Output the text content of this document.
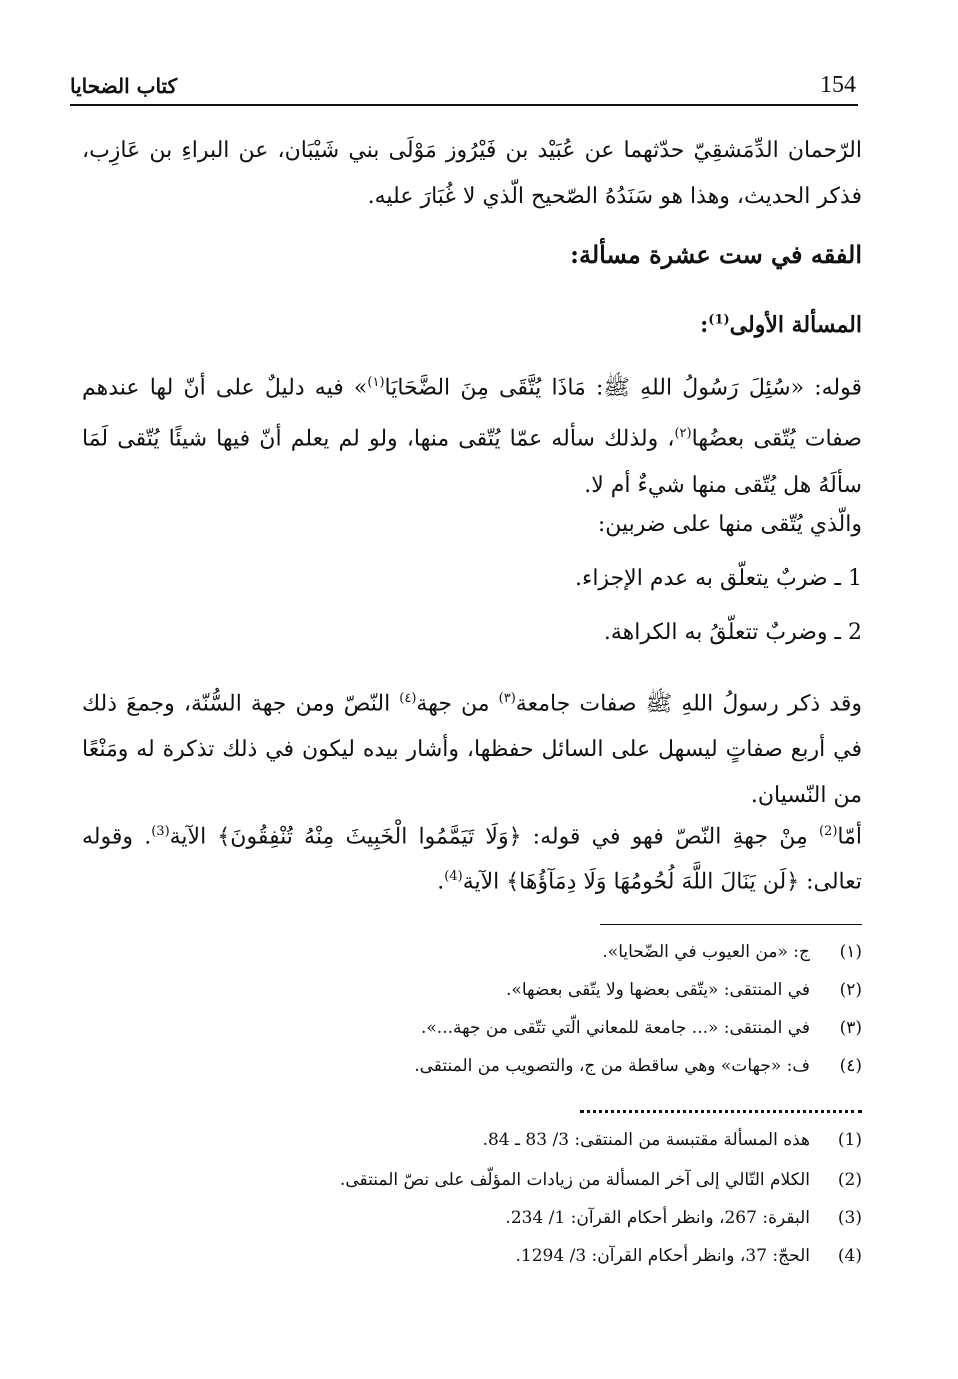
154
كتاب الضحايا

الرّحمان الدِّمَشقِيّ حدّثهما عن عُبَيْد بن فَيْرُوز مَوْلَى بني شَيْبَان، عن البراءِ بن عَازِب، فذكر الحديث، وهذا هو سَنَدُهُ الصّحيح الّذي لا غُبَارَ عليه.

الفقه في ست عشرة مسألة:
المسألة الأولى$^{(1)}$:

قوله: «سُئِلَ رَسُولُ اللهِ ﷺ: مَاذَا يُتَّقَى مِنَ الضَّحَايَا$^{(١)}$» فيه دليلٌ على أنّ لها عندهم صفات يُتّقى بعضُها$^{(٢)}$، ولذلك سأله عمّا يُتّقى منها، ولو لم يعلم أنّ فيها شيئًا يُتّقى لَمَا سألَهُ هل يُتّقى منها شيءٌ أم لا.

والّذي يُتّقى منها على ضربين:
1 ـ ضربٌ يتعلّق به عدم الإجزاء.
2 ـ وضربٌ تتعلّقُ به الكراهة.

وقد ذكر رسولُ اللهِ ﷺ صفات جامعة$^{(٣)}$ من جهة$^{(٤)}$ النّصّ ومن جهة السُّنّة، وجمعَ ذلك في أربع صفاتٍ ليسهل على السائل حفظها، وأشار بيده ليكون في ذلك تذكرة له ومَنْعًا من النّسيان.

أمّا$^{(2)}$ مِنْ جهةِ النّصّ فهو في قوله: ﴿وَلَا تَيَمَّمُوا الْخَبِيثَ مِنْهُ تُنْفِقُونَ﴾ الآية$^{(3)}$. وقوله تعالى: ﴿لَن يَنَالَ اللَّهَ لُحُومُهَا وَلَا دِمَآؤُهَا﴾ الآية$^{(4)}$.

(١)
ج: «من العيوب في الضّحايا».
(٢)
في المنتقى: «يتّقى بعضها ولا يتّقى بعضها».
(٣)
في المنتقى: «... جامعة للمعاني الّتي تتّقى من جهة...».
(٤)
ف: «جهات» وهي ساقطة من ج، والتصويب من المنتقى.
(1)
هذه المسألة مقتبسة من المنتقى: 3/ 83 ـ 84.
(2)
الكلام التّالي إلى آخر المسألة من زيادات المؤلّف على نصّ المنتقى.
(3)
البقرة: 267، وانظر أحكام القرآن: 1/ 234.
(4)
الحجّ: 37، وانظر أحكام القرآن: 3/ 1294.
